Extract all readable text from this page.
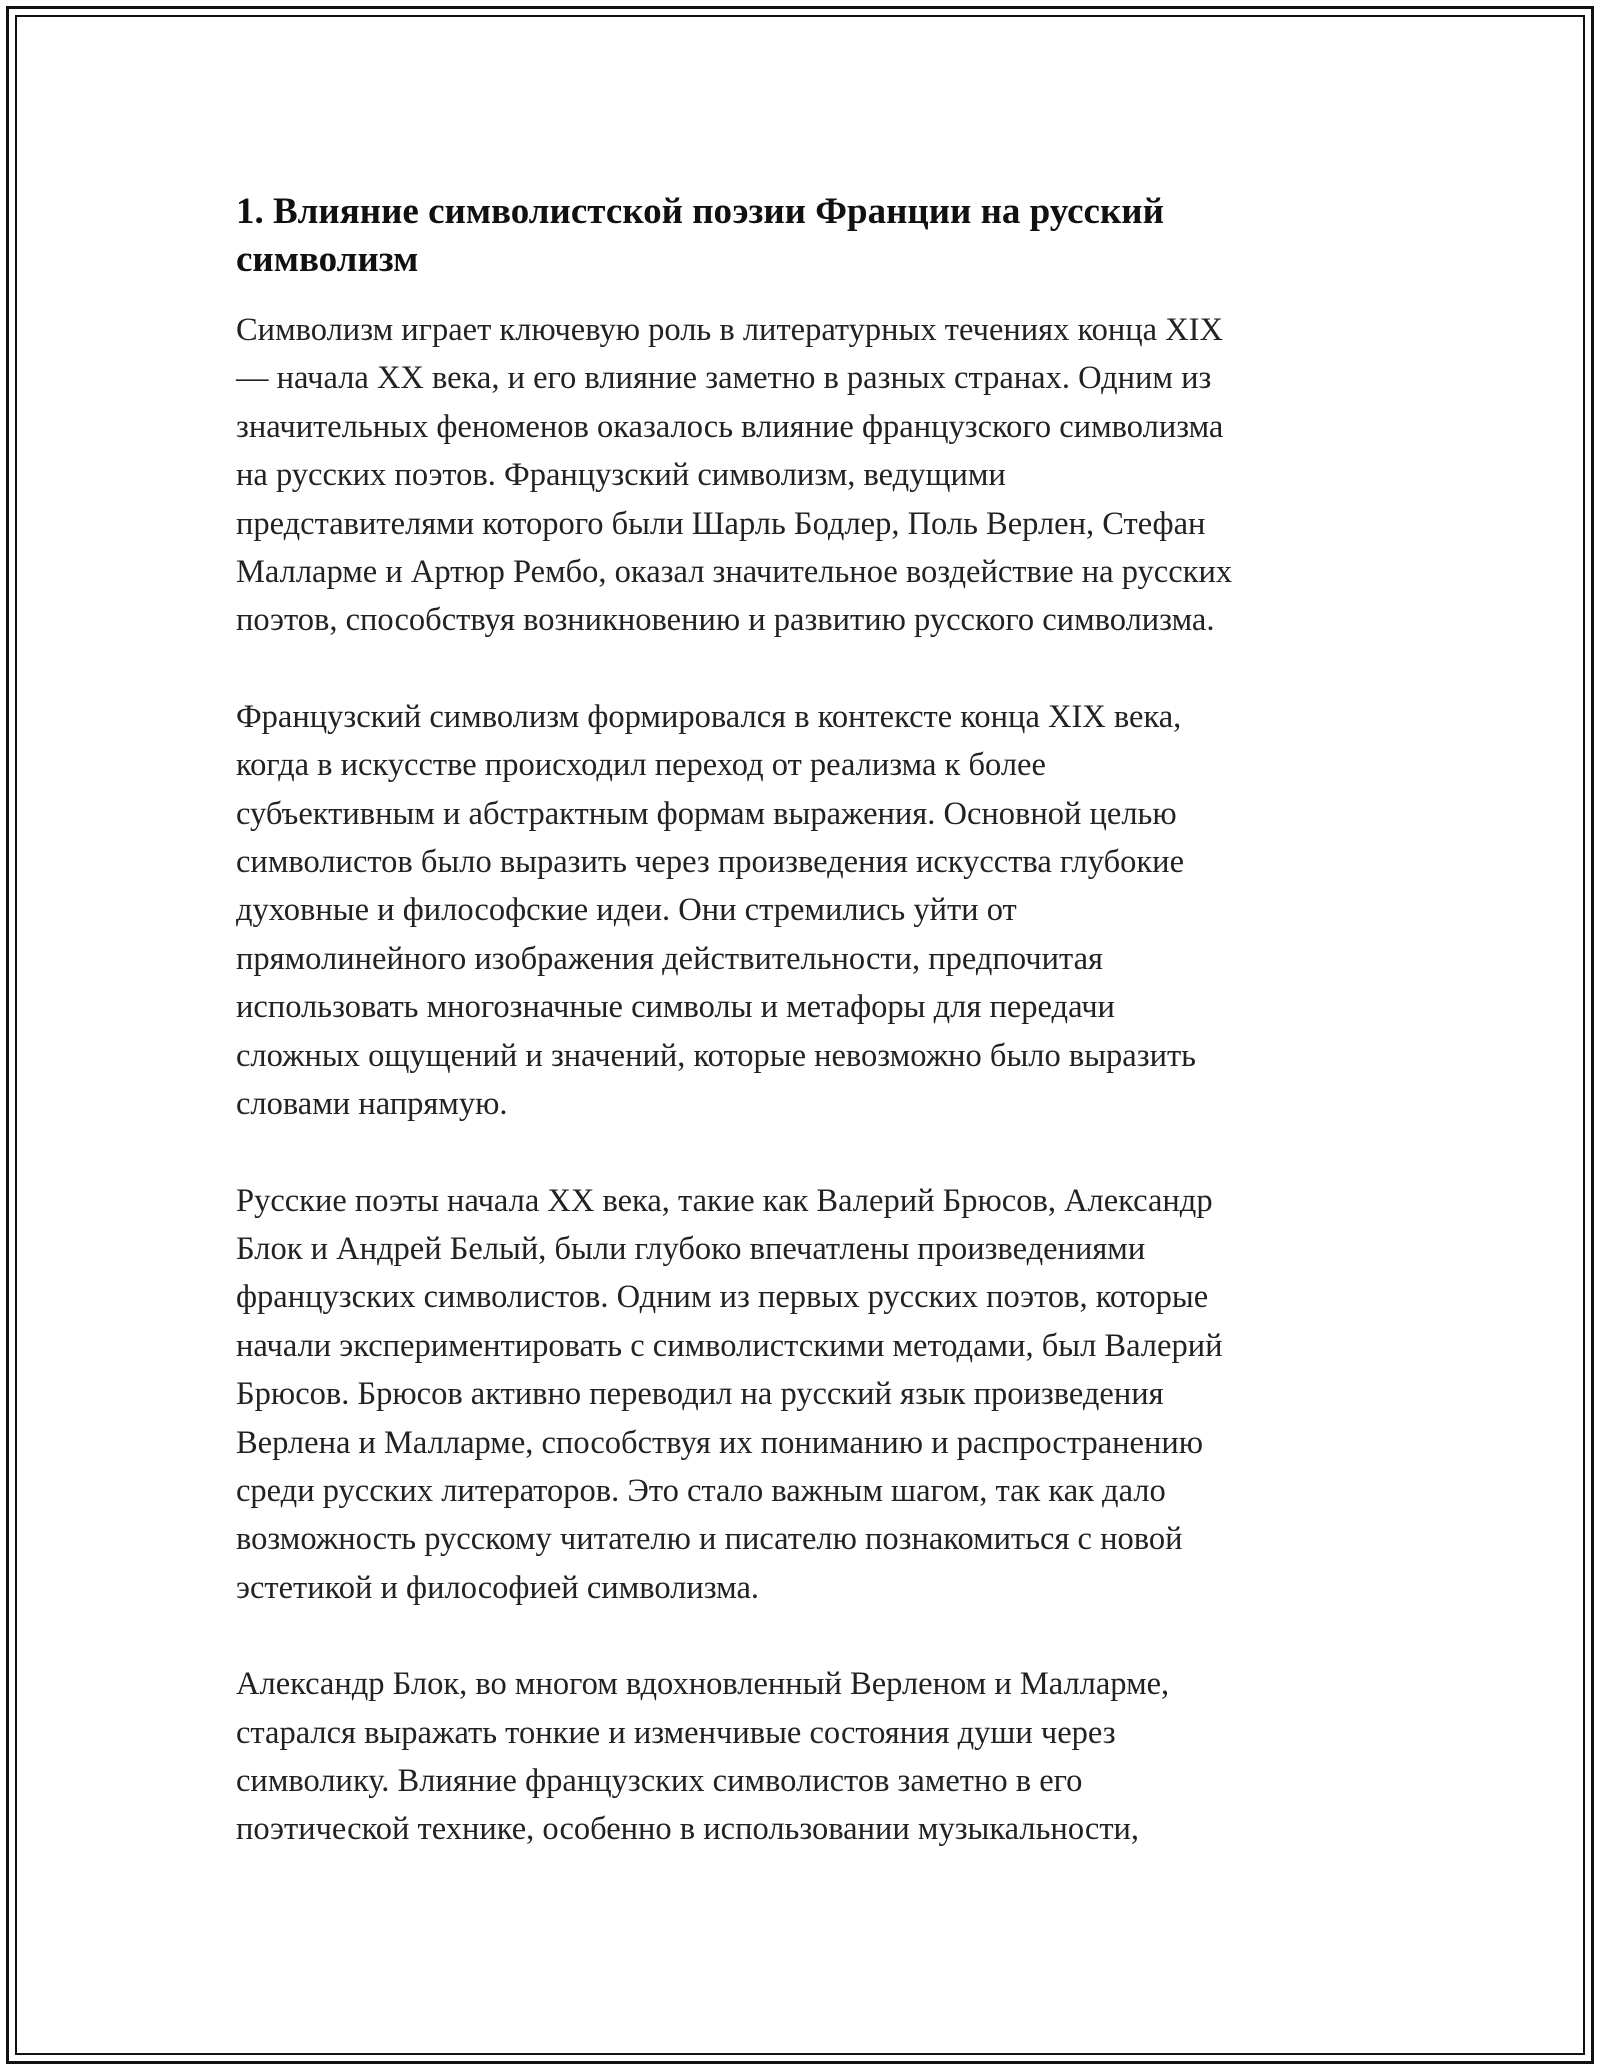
1. Влияние символистской поэзии Франции на русский
символизм

Символизм играет ключевую роль в литературных течениях конца XIX
— начала XX века, и его влияние заметно в разных странах. Одним из
значительных феноменов оказалось влияние французского символизма
на русских поэтов. Французский символизм, ведущими
представителями которого были Шарль Бодлер, Поль Верлен, Стефан
Малларме и Артюр Рембо, оказал значительное воздействие на русских
поэтов, способствуя возникновению и развитию русского символизма.

Французский символизм формировался в контексте конца XIX века,
когда в искусстве происходил переход от реализма к более
субъективным и абстрактным формам выражения. Основной целью
символистов было выразить через произведения искусства глубокие
духовные и философские идеи. Они стремились уйти от
прямолинейного изображения действительности, предпочитая
использовать многозначные символы и метафоры для передачи
сложных ощущений и значений, которые невозможно было выразить
словами напрямую.

Русские поэты начала XX века, такие как Валерий Брюсов, Александр
Блок и Андрей Белый, были глубоко впечатлены произведениями
французских символистов. Одним из первых русских поэтов, которые
начали экспериментировать с символистскими методами, был Валерий
Брюсов. Брюсов активно переводил на русский язык произведения
Верлена и Малларме, способствуя их пониманию и распространению
среди русских литераторов. Это стало важным шагом, так как дало
возможность русскому читателю и писателю познакомиться с новой
эстетикой и философией символизма.

Александр Блок, во многом вдохновленный Верленом и Малларме,
старался выражать тонкие и изменчивые состояния души через
символику. Влияние французских символистов заметно в его
поэтической технике, особенно в использовании музыкальности,
